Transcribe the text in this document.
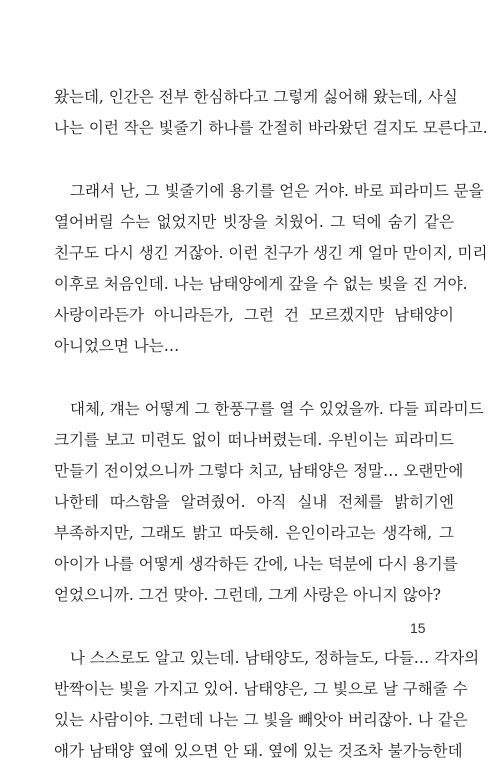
왔는데, 인간은 전부 한심하다고 그렇게 싫어해 왔는데, 사실
나는 이런 작은 빛줄기 하나를 간절히 바라왔던 걸지도 모른다고.
그래서 난, 그 빛줄기에 용기를 얻은 거야. 바로 피라미드 문을
열어버릴 수는 없었지만 빗장을 치웠어. 그 덕에 숨기 같은
친구도 다시 생긴 거잖아. 이런 친구가 생긴 게 얼마 만이지, 미리
이후로 처음인데. 나는 남태양에게 갚을 수 없는 빚을 진 거야.
사랑이라든가 아니라든가, 그런 건 모르겠지만 남태양이
아니었으면 나는…
대체, 걔는 어떻게 그 한풍구를 열 수 있었을까. 다들 피라미드
크기를 보고 미련도 없이 떠나버렸는데. 우빈이는 피라미드
만들기 전이었으니까 그렇다 치고, 남태양은 정말… 오랜만에
나한테 따스함을 알려줬어. 아직 실내 전체를 밝히기엔
부족하지만, 그래도 밝고 따듯해. 은인이라고는 생각해, 그
아이가 나를 어떻게 생각하든 간에, 나는 덕분에 다시 용기를
얻었으니까. 그건 맞아. 그런데, 그게 사랑은 아니지 않아?
나 스스로도 알고 있는데. 남태양도, 정하늘도, 다들… 각자의
반짝이는 빛을 가지고 있어. 남태양은, 그 빛으로 날 구해줄 수
있는 사람이야. 그런데 나는 그 빛을 빼앗아 버리잖아. 나 같은
애가 남태양 옆에 있으면 안 돼. 옆에 있는 것조차 불가능한데
15
